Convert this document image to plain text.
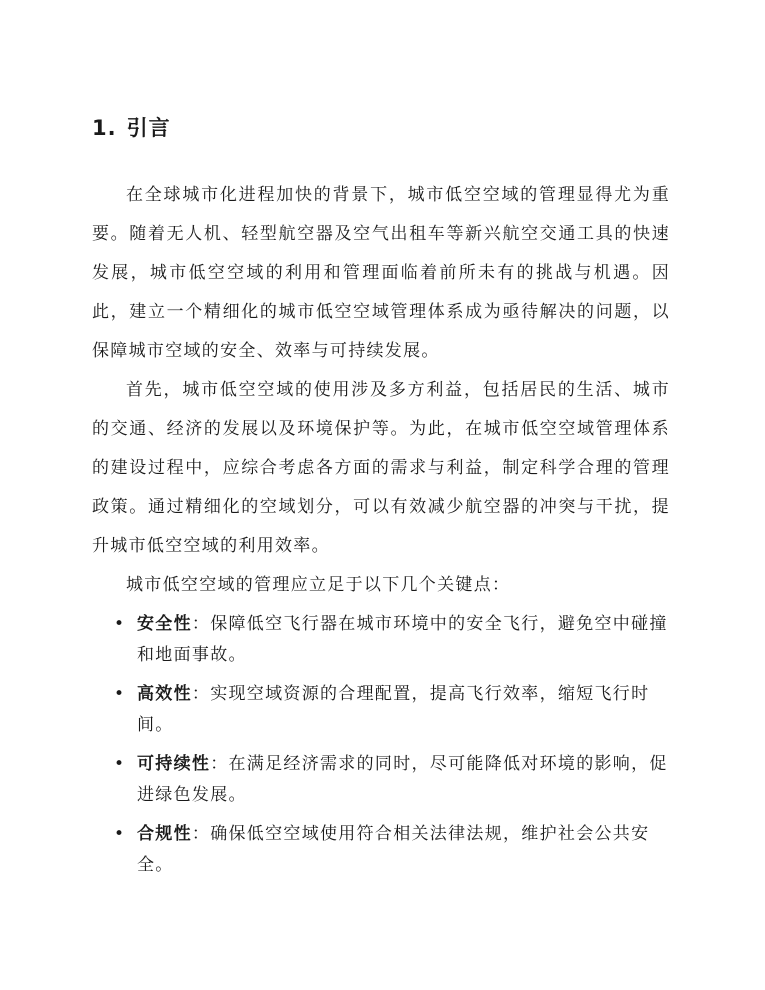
1. 引言

在全球城市化进程加快的背景下，城市低空空域的管理显得尤为重要。随着无人机、轻型航空器及空气出租车等新兴航空交通工具的快速发展，城市低空空域的利用和管理面临着前所未有的挑战与机遇。因此，建立一个精细化的城市低空空域管理体系成为亟待解决的问题，以保障城市空域的安全、效率与可持续发展。

首先，城市低空空域的使用涉及多方利益，包括居民的生活、城市的交通、经济的发展以及环境保护等。为此，在城市低空空域管理体系的建设过程中，应综合考虑各方面的需求与利益，制定科学合理的管理政策。通过精细化的空域划分，可以有效减少航空器的冲突与干扰，提升城市低空空域的利用效率。

城市低空空域的管理应立足于以下几个关键点：

• 安全性：保障低空飞行器在城市环境中的安全飞行，避免空中碰撞和地面事故。
• 高效性：实现空域资源的合理配置，提高飞行效率，缩短飞行时间。
• 可持续性：在满足经济需求的同时，尽可能降低对环境的影响，促进绿色发展。
• 合规性：确保低空空域使用符合相关法律法规，维护社会公共安全。
